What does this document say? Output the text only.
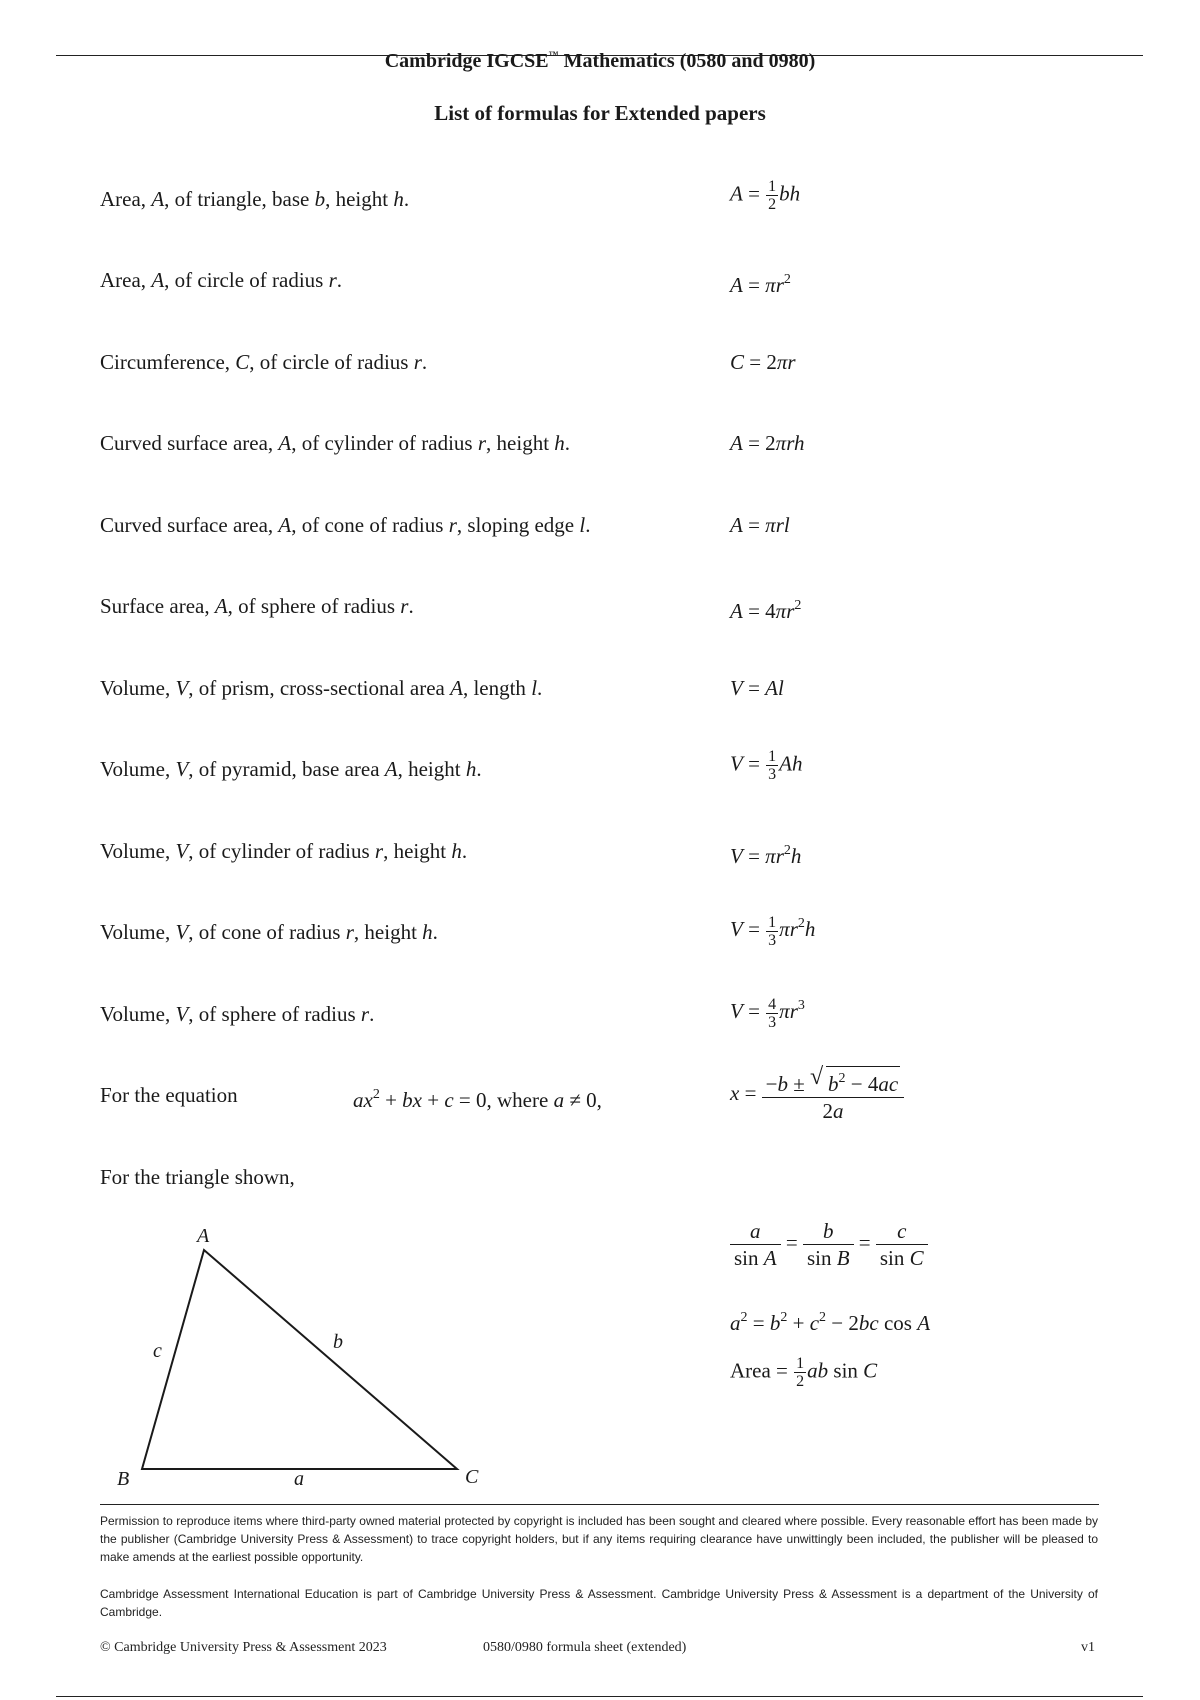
Cambridge IGCSE™ Mathematics (0580 and 0980)
List of formulas for Extended papers
Area, A, of triangle, base b, height h.	$A = \frac{1}{2}$ bh
Area, A, of circle of radius r.	$A = \pi r^2$
Circumference, C, of circle of radius r.	C = 2πr
Curved surface area, A, of cylinder of radius r, height h.	A = 2πrh
Curved surface area, A, of cone of radius r, sloping edge l.	A = πrl
Surface area, A, of sphere of radius r.	$A = 4\pi r^2$
Volume, V, of prism, cross-sectional area A, length l.	V = Al
Volume, V, of pyramid, base area A, height h.	$V = \frac{1}{3}$ Ah
Volume, V, of cylinder of radius r, height h.	$V = \pi r^2h$
Volume, V, of cone of radius r, height h.	$V = \frac{1}{3} \pi r^2h$
Volume, V, of sphere of radius r.	$V = \frac{4}{3} \pi r^3$
For the equation	$ax^2$ + bx + c = 0, where a ≠ 0,	$x = \frac{-b \pm √ b^2 - 4ac}{2a}$
For the triangle shown,
A
B	C
a
b
c
$\frac{a}{\text{sin A}} = \frac{b}{\text{sin B}} = \frac{c}{\text{sin C}}$
$a^2 = b^2 + c^2 - 2bc$ cos A
Area = $\frac{1}{2}$ ab sin C
Permission to reproduce items where third-party owned material protected by copyright is included has been sought and cleared where possible. Every reasonable effort has been made by the publisher (Cambridge University Press & Assessment) to trace copyright holders, but if any items requiring clearance have unwittingly been included, the publisher will be pleased to make amends at the earliest possible opportunity.
Cambridge Assessment International Education is part of Cambridge University Press & Assessment. Cambridge University Press & Assessment is a department of the University of Cambridge.
© Cambridge University Press & Assessment 2023	0580/0980 formula sheet (extended)	v1
